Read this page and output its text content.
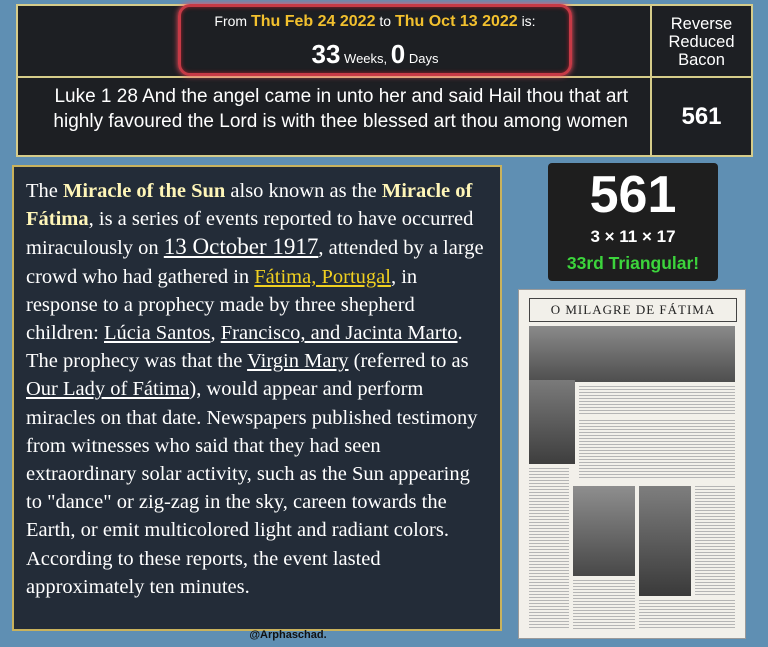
From Thu Feb 24 2022 to Thu Oct 13 2022 is:
33 Weeks, 0 Days
Reverse
Reduced
Bacon
Luke 1 28 And the angel came in unto her and said Hail thou that art highly favoured the Lord is with thee blessed art thou among women	561
The Miracle of the Sun also known as the Miracle of Fátima, is a series of events reported to have occurred miraculously on 13 October 1917, attended by a large crowd who had gathered in Fátima, Portugal, in response to a prophecy made by three shepherd children: Lúcia Santos, Francisco, and Jacinta Marto. The prophecy was that the Virgin Mary (referred to as Our Lady of Fátima), would appear and perform miracles on that date. Newspapers published testimony from witnesses who said that they had seen extraordinary solar activity, such as the Sun appearing to "dance" or zig-zag in the sky, careen towards the Earth, or emit multicolored light and radiant colors. According to these reports, the event lasted approximately ten minutes.
561
3 × 11 × 17
33rd Triangular!
O MILAGRE DE FÁTIMA
@Arphaschad.
